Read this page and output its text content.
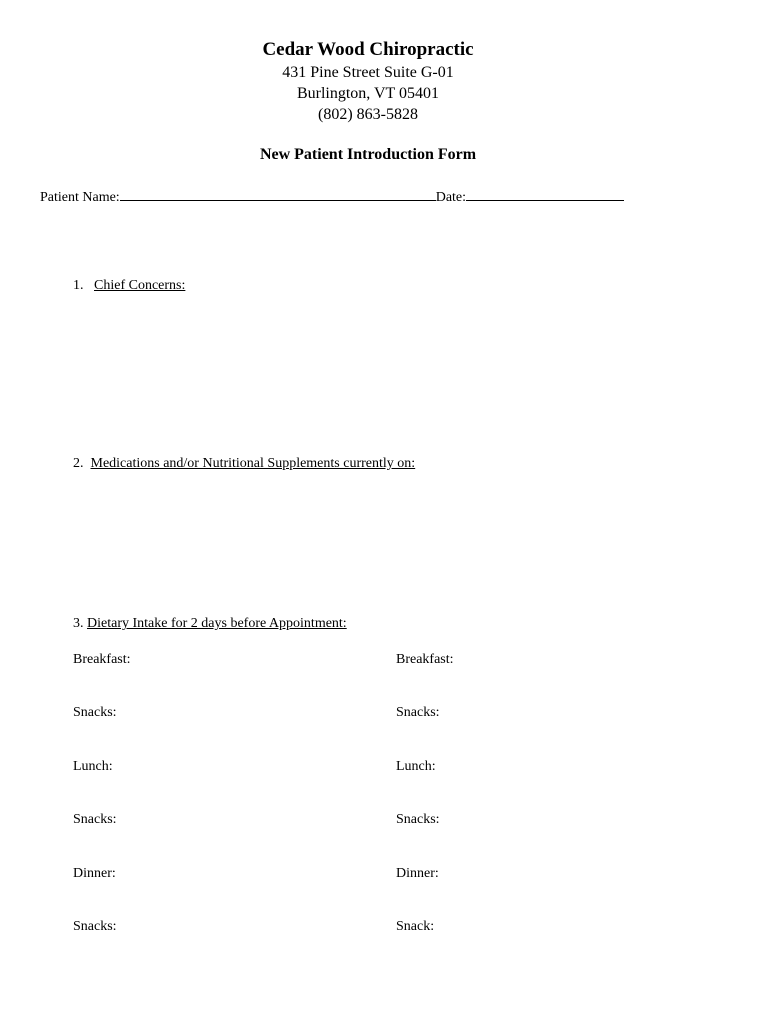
Cedar Wood Chiropractic
431 Pine Street Suite G-01
Burlington, VT 05401
(802) 863-5828
New Patient Introduction Form
Patient Name:	Date:
1. Chief Concerns:
2. Medications and/or Nutritional Supplements currently on:
3. Dietary Intake for 2 days before Appointment:
Breakfast:
Snacks:
Lunch:
Snacks:
Dinner:
Snacks:
Breakfast:
Snacks:
Lunch:
Snacks:
Dinner:
Snack:
